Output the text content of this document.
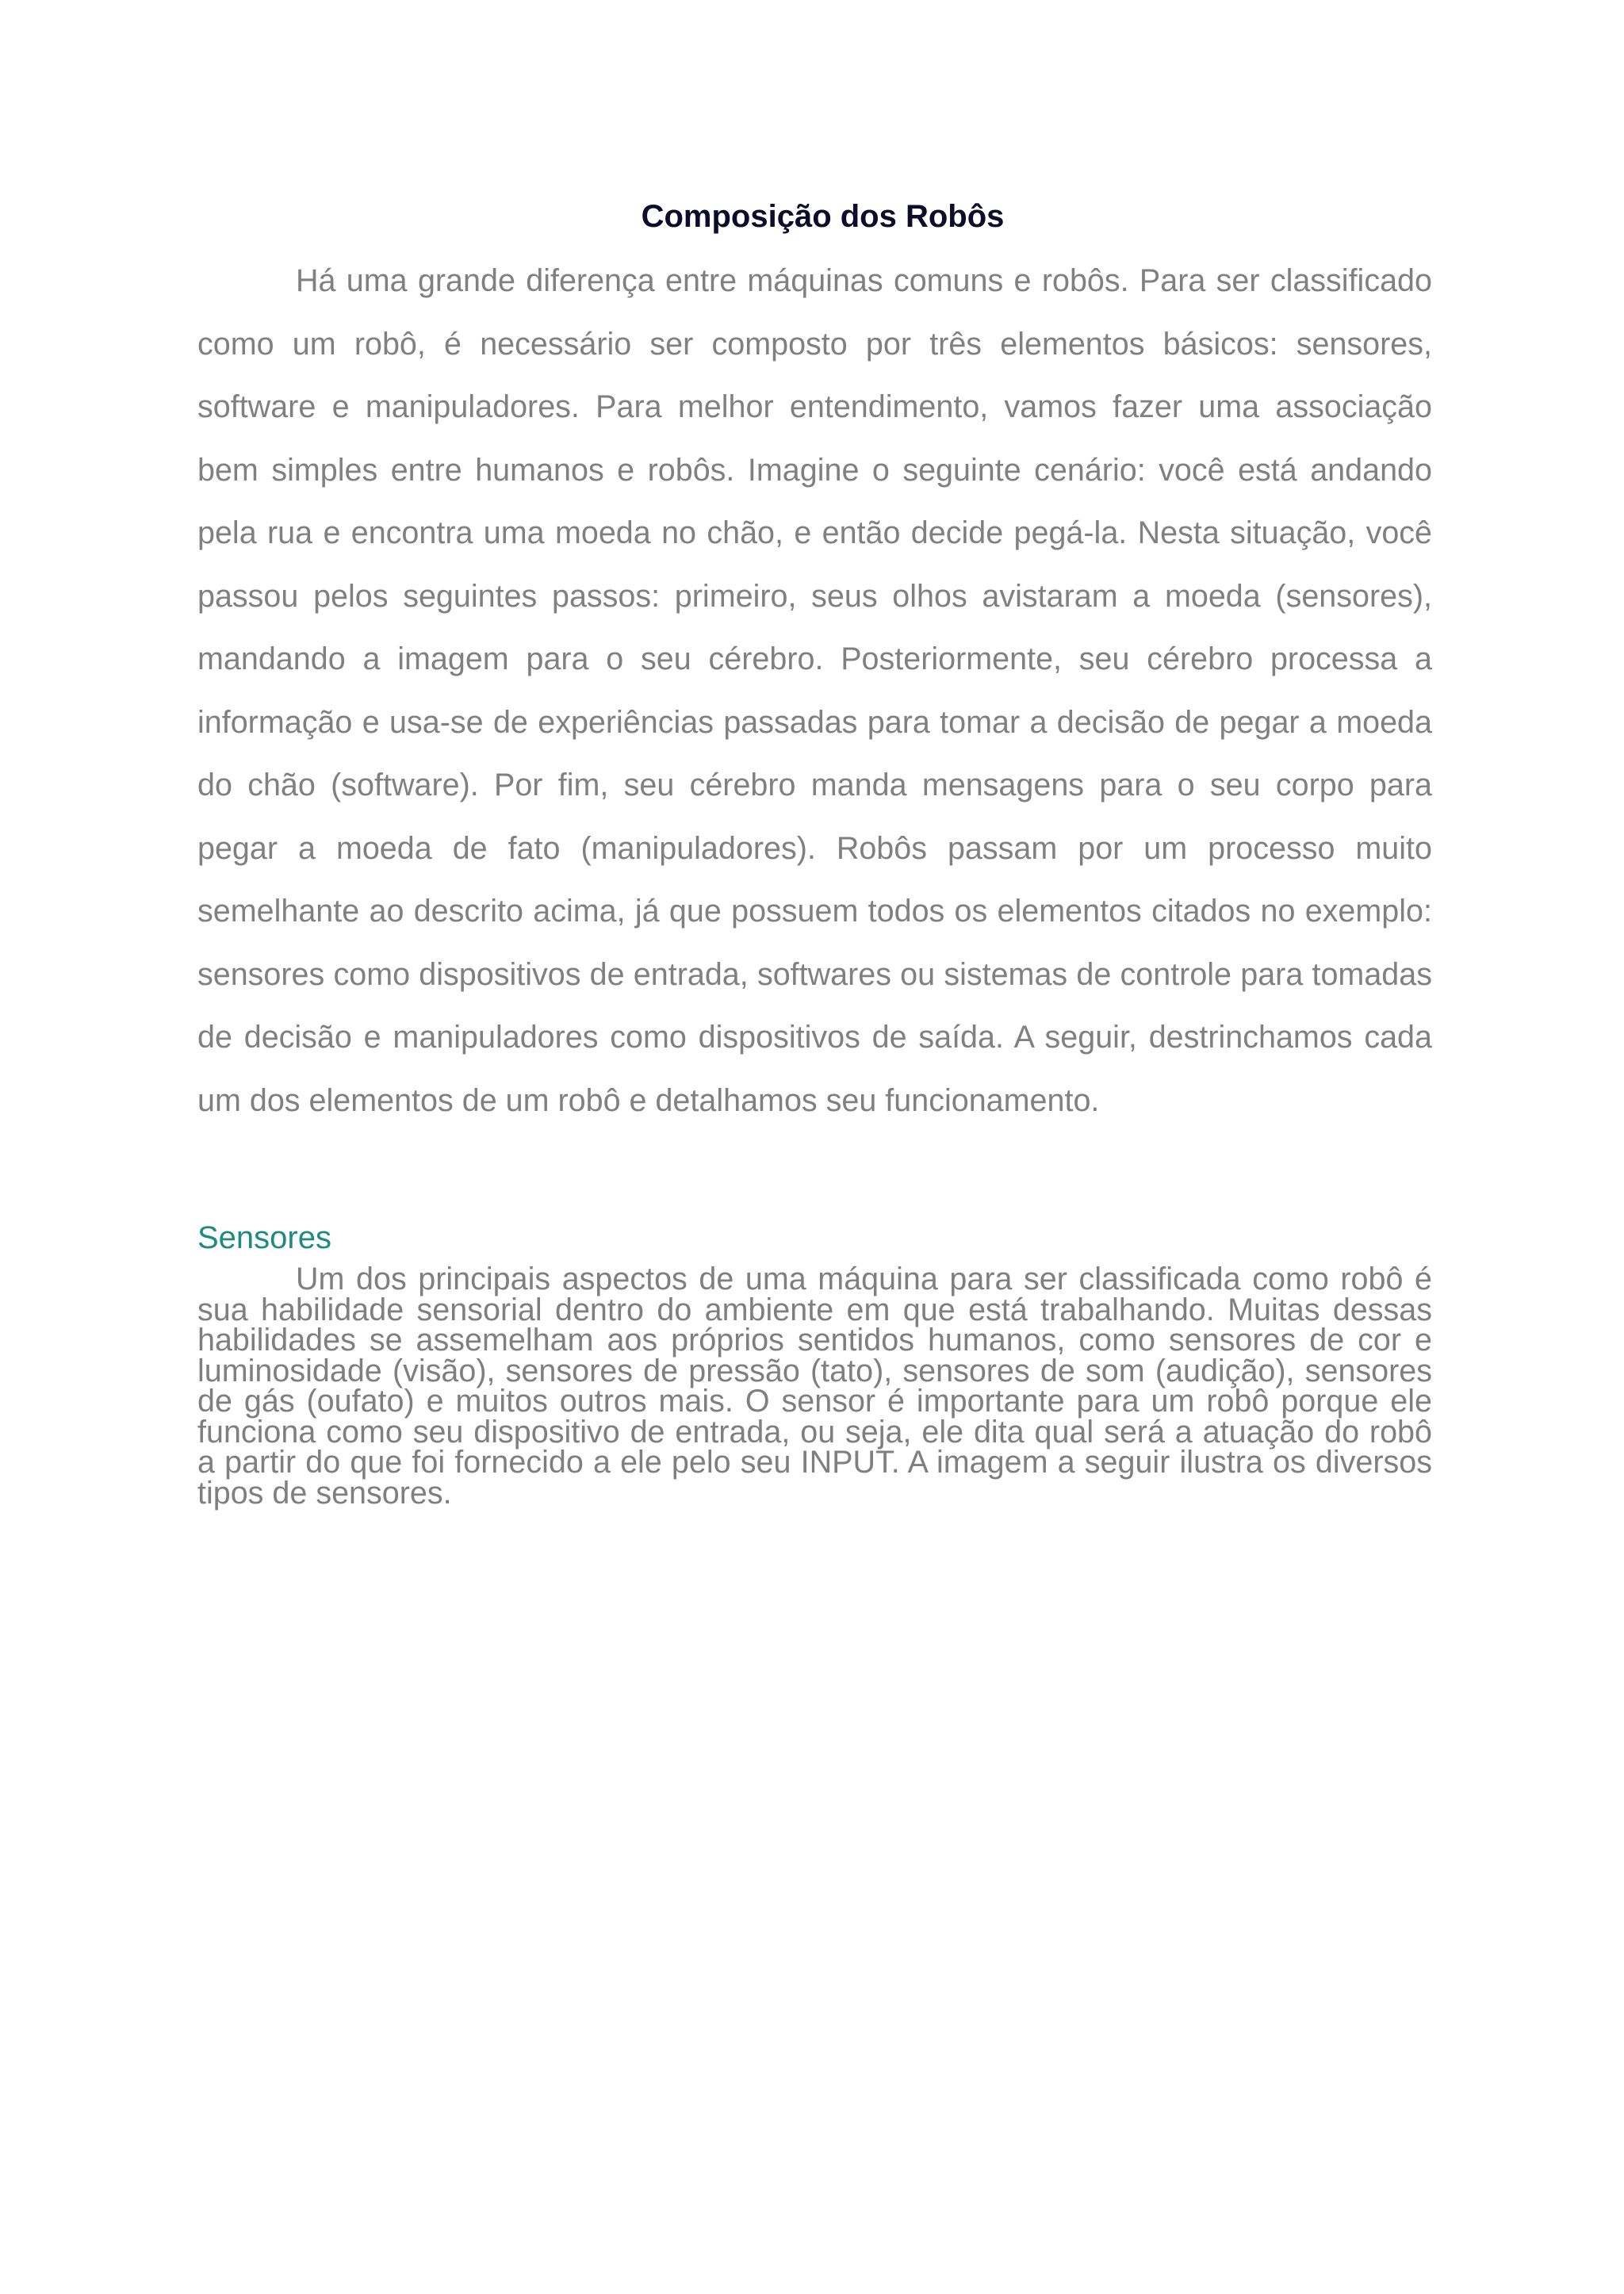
Composição dos Robôs

Há uma grande diferença entre máquinas comuns e robôs. Para ser classificado como um robô, é necessário ser composto por três elementos básicos: sensores, software e manipuladores. Para melhor entendimento, vamos fazer uma associação bem simples entre humanos e robôs. Imagine o seguinte cenário: você está andando pela rua e encontra uma moeda no chão, e então decide pegá-la. Nesta situação, você passou pelos seguintes passos: primeiro, seus olhos avistaram a moeda (sensores), mandando a imagem para o seu cérebro. Posteriormente, seu cérebro processa a informação e usa-se de experiências passadas para tomar a decisão de pegar a moeda do chão (software). Por fim, seu cérebro manda mensagens para o seu corpo para pegar a moeda de fato (manipuladores). Robôs passam por um processo muito semelhante ao descrito acima, já que possuem todos os elementos citados no exemplo: sensores como dispositivos de entrada, softwares ou sistemas de controle para tomadas de decisão e manipuladores como dispositivos de saída. A seguir, destrinchamos cada um dos elementos de um robô e detalhamos seu funcionamento.

Sensores

Um dos principais aspectos de uma máquina para ser classificada como robô é sua habilidade sensorial dentro do ambiente em que está trabalhando. Muitas dessas habilidades se assemelham aos próprios sentidos humanos, como sensores de cor e luminosidade (visão), sensores de pressão (tato), sensores de som (audição), sensores de gás (oufato) e muitos outros mais. O sensor é importante para um robô porque ele funciona como seu dispositivo de entrada, ou seja, ele dita qual será a atuação do robô a partir do que foi fornecido a ele pelo seu INPUT. A imagem a seguir ilustra os diversos tipos de sensores.
